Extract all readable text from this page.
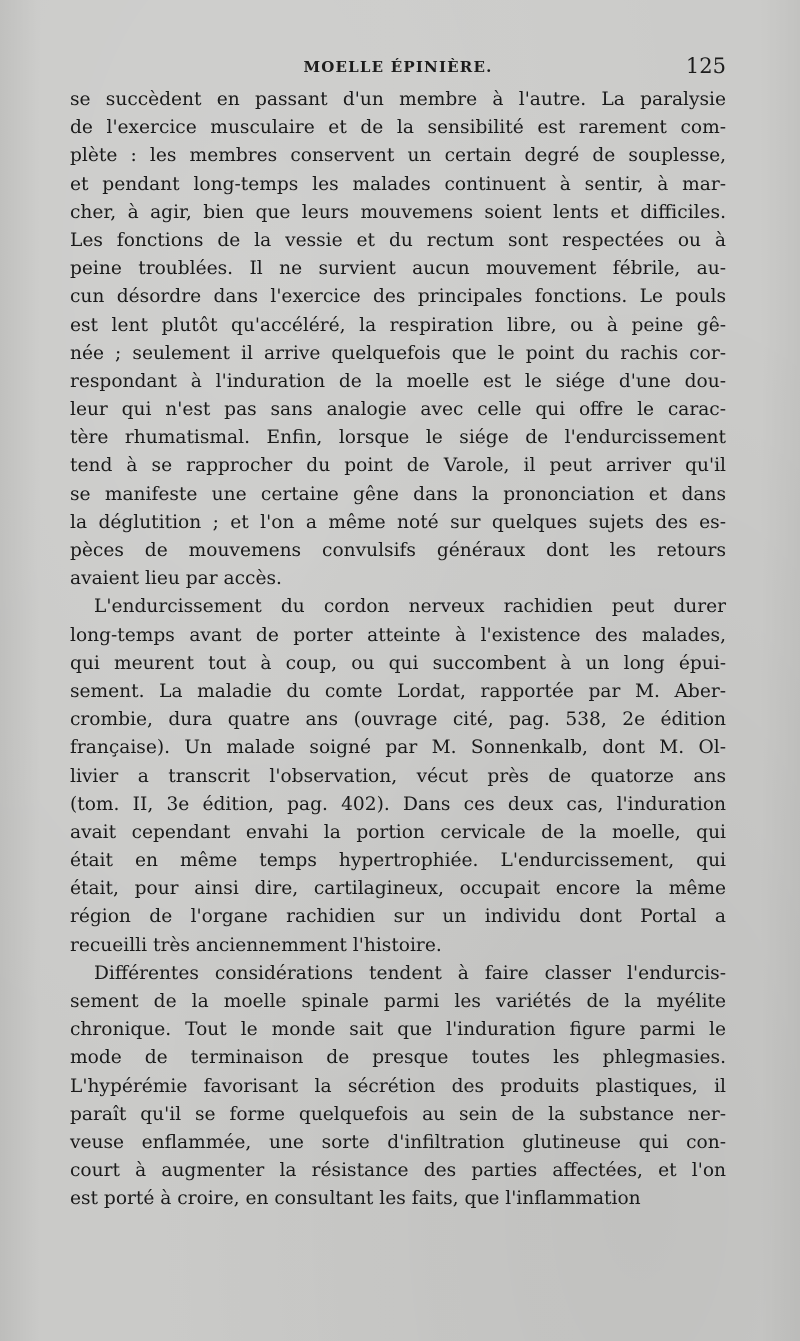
MOELLE ÉPINIÈRE.	125
se succèdent en passant d'un membre à l'autre. La paralysie
de l'exercice musculaire et de la sensibilité est rarement com-
plète : les membres conservent un certain degré de souplesse,
et pendant long-temps les malades continuent à sentir, à mar-
cher, à agir, bien que leurs mouvemens soient lents et difficiles.
Les fonctions de la vessie et du rectum sont respectées ou à
peine troublées. Il ne survient aucun mouvement fébrile, au-
cun désordre dans l'exercice des principales fonctions. Le pouls
est lent plutôt qu'accéléré, la respiration libre, ou à peine gê-
née ; seulement il arrive quelquefois que le point du rachis cor-
respondant à l'induration de la moelle est le siége d'une dou-
leur qui n'est pas sans analogie avec celle qui offre le carac-
tère rhumatismal. Enfin, lorsque le siége de l'endurcissement
tend à se rapprocher du point de Varole, il peut arriver qu'il
se manifeste une certaine gêne dans la prononciation et dans
la déglutition ; et l'on a même noté sur quelques sujets des es-
pèces de mouvemens convulsifs généraux dont les retours
avaient lieu par accès.
L'endurcissement du cordon nerveux rachidien peut durer
long-temps avant de porter atteinte à l'existence des malades,
qui meurent tout à coup, ou qui succombent à un long épui-
sement. La maladie du comte Lordat, rapportée par M. Aber-
crombie, dura quatre ans (ouvrage cité, pag. 538, 2e édition
française). Un malade soigné par M. Sonnenkalb, dont M. Ol-
livier a transcrit l'observation, vécut près de quatorze ans
(tom. II, 3e édition, pag. 402). Dans ces deux cas, l'induration
avait cependant envahi la portion cervicale de la moelle, qui
était en même temps hypertrophiée. L'endurcissement, qui
était, pour ainsi dire, cartilagineux, occupait encore la même
région de l'organe rachidien sur un individu dont Portal a
recueilli très anciennemment l'histoire.
Différentes considérations tendent à faire classer l'endurcis-
sement de la moelle spinale parmi les variétés de la myélite
chronique. Tout le monde sait que l'induration figure parmi le
mode de terminaison de presque toutes les phlegmasies.
L'hypérémie favorisant la sécrétion des produits plastiques, il
paraît qu'il se forme quelquefois au sein de la substance ner-
veuse enflammée, une sorte d'infiltration glutineuse qui con-
court à augmenter la résistance des parties affectées, et l'on
est porté à croire, en consultant les faits, que l'inflammation
